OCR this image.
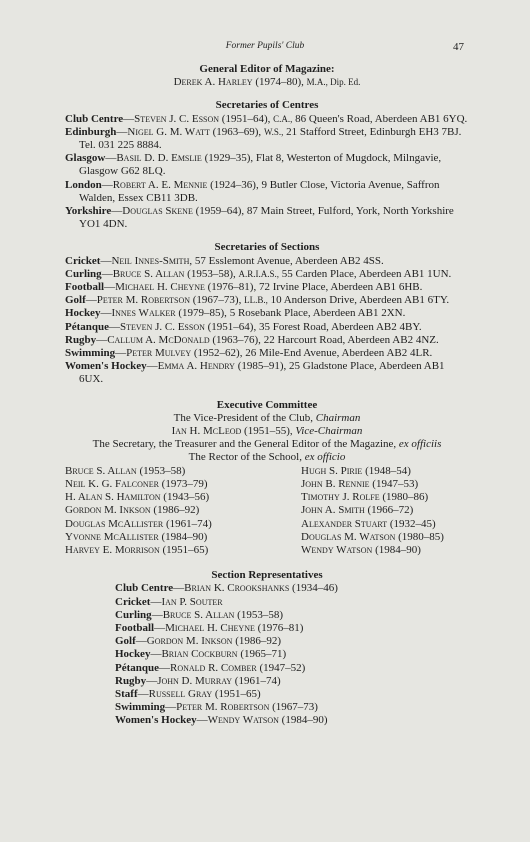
Former Pupils' Club	47
General Editor of Magazine:
Derek A. Harley (1974–80), M.A., Dip. Ed.
Secretaries of Centres

Club Centre—Steven J. C. Esson (1951–64), C.A., 86 Queen's Road, Aberdeen AB1 6YQ.

Edinburgh—Nigel G. M. Watt (1963–69), W.S., 21 Stafford Street, Edinburgh EH3 7BJ. Tel. 031 225 8884.

Glasgow—Basil D. D. Emslie (1929–35), Flat 8, Westerton of Mugdock, Milngavie, Glasgow G62 8LQ.

London—Robert A. E. Mennie (1924–36), 9 Butler Close, Victoria Avenue, Saffron Walden, Essex CB11 3DB.

Yorkshire—Douglas Skene (1959–64), 87 Main Street, Fulford, York, North Yorkshire YO1 4DN.

Secretaries of Sections

Cricket—Neil Innes-Smith, 57 Esslemont Avenue, Aberdeen AB2 4SS.

Curling—Bruce S. Allan (1953–58), A.R.I.A.S., 55 Carden Place, Aberdeen AB1 1UN.

Football—Michael H. Cheyne (1976–81), 72 Irvine Place, Aberdeen AB1 6HB.

Golf—Peter M. Robertson (1967–73), LL.B., 10 Anderson Drive, Aberdeen AB1 6TY.

Hockey—Innes Walker (1979–85), 5 Rosebank Place, Aberdeen AB1 2XN.

Pétanque—Steven J. C. Esson (1951–64), 35 Forest Road, Aberdeen AB2 4BY.

Rugby—Callum A. McDonald (1963–76), 22 Harcourt Road, Aberdeen AB2 4NZ.

Swimming—Peter Mulvey (1952–62), 26 Mile-End Avenue, Aberdeen AB2 4LR.

Women's Hockey—Emma A. Hendry (1985–91), 25 Gladstone Place, Aberdeen AB1 6UX.

Executive Committee
The Vice-President of the Club, Chairman
Ian H. McLeod (1951–55), Vice-Chairman
The Secretary, the Treasurer and the General Editor of the Magazine, ex officiis
The Rector of the School, ex officio
Bruce S. Allan (1953–58)
Neil K. G. Falconer (1973–79)
H. Alan S. Hamilton (1943–56)
Gordon M. Inkson (1986–92)
Douglas McAllister (1961–74)
Yvonne McAllister (1984–90)
Harvey E. Morrison (1951–65)
Hugh S. Pirie (1948–54)
John B. Rennie (1947–53)
Timothy J. Rolfe (1980–86)
John A. Smith (1966–72)
Alexander Stuart (1932–45)
Douglas M. Watson (1980–85)
Wendy Watson (1984–90)
Section Representatives

Club Centre—Brian K. Crookshanks (1934–46)

Cricket—Ian P. Souter

Curling—Bruce S. Allan (1953–58)

Football—Michael H. Cheyne (1976–81)

Golf—Gordon M. Inkson (1986–92)

Hockey—Brian Cockburn (1965–71)

Pétanque—Ronald R. Comber (1947–52)

Rugby—John D. Murray (1961–74)

Staff—Russell Gray (1951–65)

Swimming—Peter M. Robertson (1967–73)

Women's Hockey—Wendy Watson (1984–90)
